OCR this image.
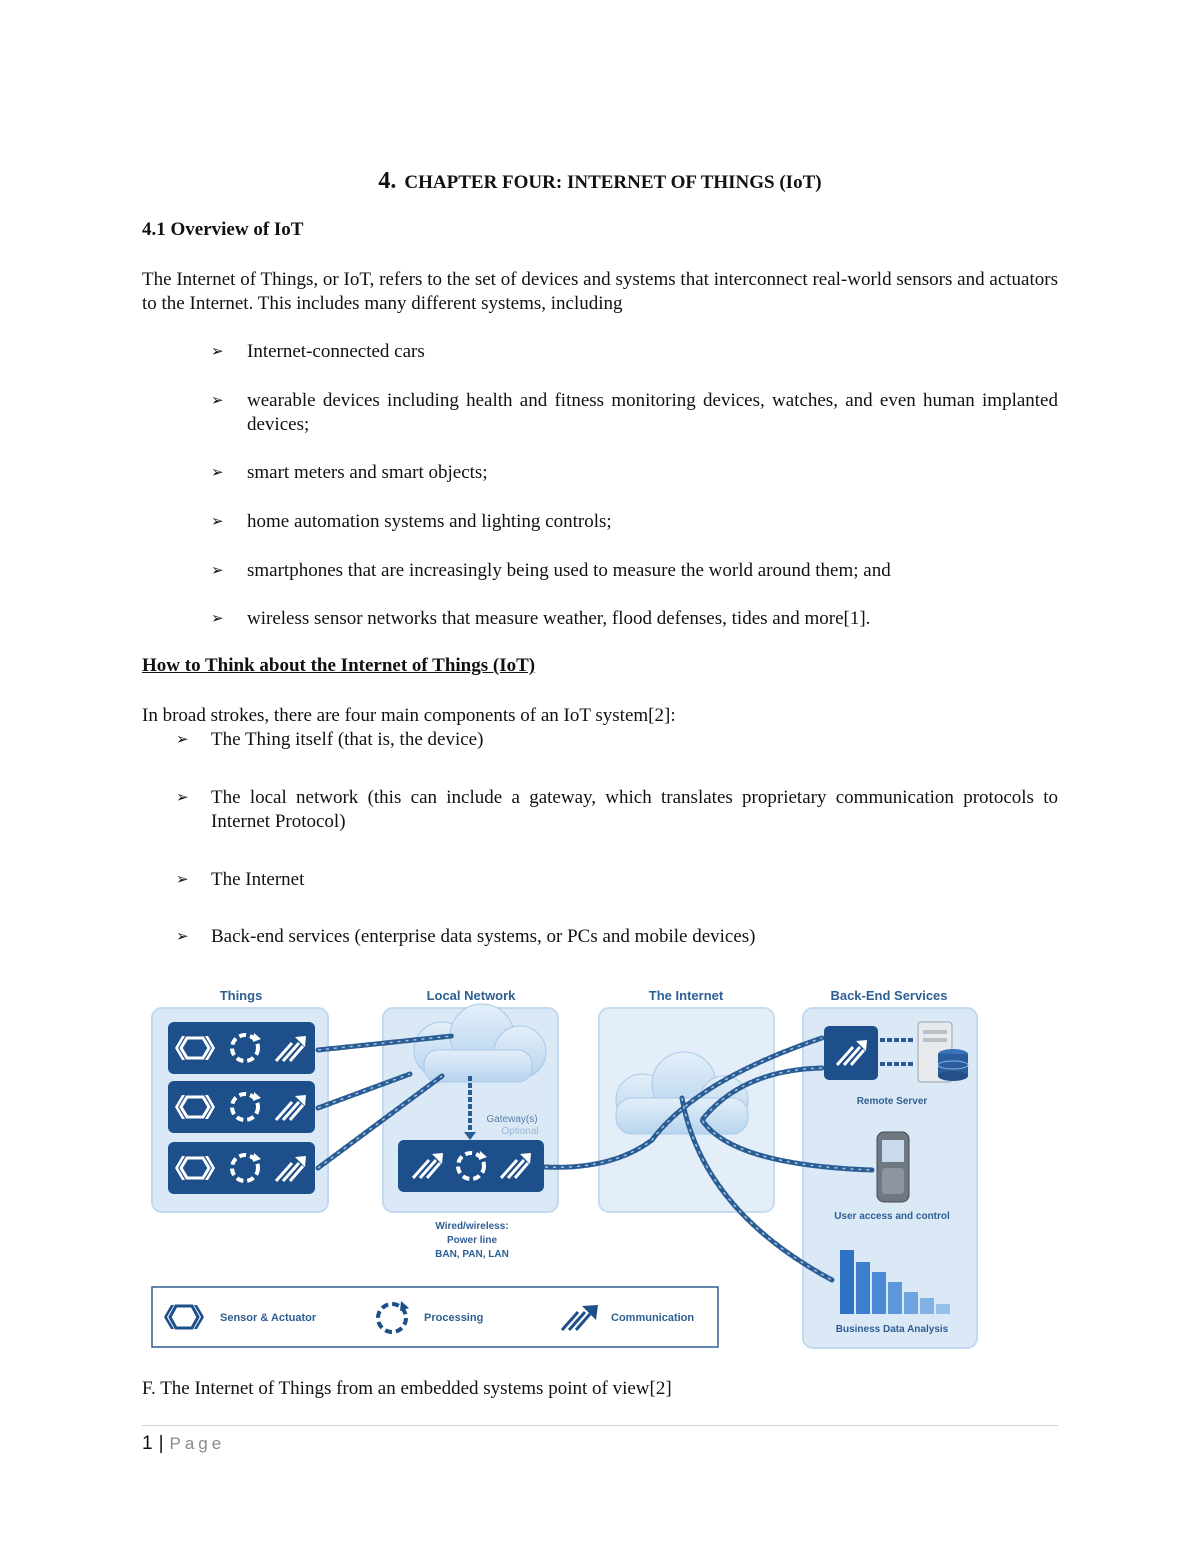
4. CHAPTER FOUR: INTERNET OF THINGS (IoT)
4.1 Overview of IoT
The Internet of Things, or IoT, refers to the set of devices and systems that interconnect real-world sensors and actuators to the Internet. This includes many different systems, including
➢ Internet-connected cars
➢ wearable devices including health and fitness monitoring devices, watches, and even human implanted devices;
➢ smart meters and smart objects;
➢ home automation systems and lighting controls;
➢ smartphones that are increasingly being used to measure the world around them; and
➢ wireless sensor networks that measure weather, flood defenses, tides and more[1].
How to Think about the Internet of Things (IoT)
In broad strokes, there are four main components of an IoT system[2]:
➢ The Thing itself (that is, the device)
➢ The local network (this can include a gateway, which translates proprietary communication protocols to Internet Protocol)
➢ The Internet
➢ Back-end services (enterprise data systems, or PCs and mobile devices)
Things	Local Network	The Internet	Back-End Services
Gateway(s)
Optional
Wired/wireless:
Power line
BAN, PAN, LAN
Remote Server
User access and control
Business Data Analysis
Sensor & Actuator	Processing	Communication
F. The Internet of Things from an embedded systems point of view[2]
1 | Page
